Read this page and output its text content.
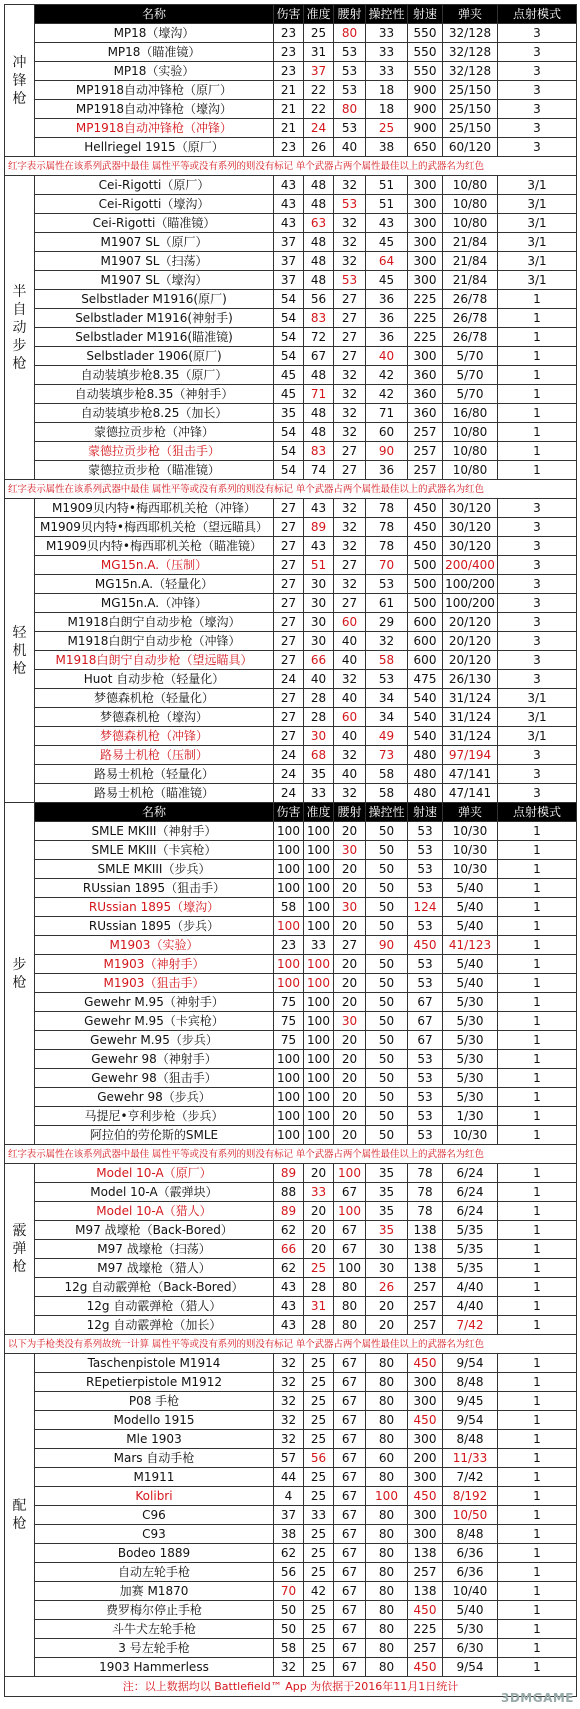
冲锋枪	名称	伤害	准度	腰射	操控性	射速	弹夹	点射模式
	MP18（壕沟）	23	25	80	33	550	32/128	3
	MP18（瞄准镜）	23	31	53	33	550	32/128	3
	MP18（实验）	23	37	53	33	550	32/128	3
	MP1918自动冲锋枪（原厂）	21	22	53	18	900	25/150	3
	MP1918自动冲锋枪（壕沟）	21	22	80	18	900	25/150	3
	MP1918自动冲锋枪（冲锋）	21	24	53	25	900	25/150	3
	Hellriegel 1915（原厂）	23	26	40	38	650	60/120	3
红字表示属性在该系列武器中最佳 属性平等或没有系列的则没有标记 单个武器占两个属性最佳以上的武器名为红色								
半自动步枪	Cei-Rigotti（原厂）	43	48	32	51	300	10/80	3/1
	Cei-Rigotti（壕沟）	43	48	53	51	300	10/80	3/1
	Cei-Rigotti（瞄准镜）	43	63	32	43	300	10/80	3/1
	M1907 SL（原厂）	37	48	32	45	300	21/84	3/1
	M1907 SL（扫荡）	37	48	32	64	300	21/84	3/1
	M1907 SL（壕沟）	37	48	53	45	300	21/84	3/1
	Selbstlader M1916(原厂)	54	56	27	36	225	26/78	1
	Selbstlader M1916(神射手)	54	83	27	36	225	26/78	1
	Selbstlader M1916(瞄准镜)	54	72	27	36	225	26/78	1
	Selbstlader 1906(原厂)	54	67	27	40	300	5/70	1
	自动装填步枪8.35（原厂）	45	48	32	42	360	5/70	1
	自动装填步枪8.35（神射手）	45	71	32	42	360	5/70	1
	自动装填步枪8.25（加长）	35	48	32	71	360	16/80	1
	蒙德拉贡步枪（冲锋）	54	48	32	60	257	10/80	1
	蒙德拉贡步枪（狙击手）	54	83	27	90	257	10/80	1
	蒙德拉贡步枪（瞄准镜）	54	74	27	36	257	10/80	1
红字表示属性在该系列武器中最佳 属性平等或没有系列的则没有标记 单个武器占两个属性最佳以上的武器名为红色								
轻机枪	M1909贝内特•梅西耶机关枪（冲锋）	27	43	32	78	450	30/120	3
	M1909贝内特•梅西耶机关枪（望远瞄具）	27	89	32	78	450	30/120	3
	M1909贝内特•梅西耶机关枪（瞄准镜）	27	43	32	78	450	30/120	3
	MG15n.A.（压制）	27	51	27	70	500	200/400	3
	MG15n.A.（轻量化）	27	30	32	53	500	100/200	3
	MG15n.A.（冲锋）	27	30	27	61	500	100/200	3
	M1918白朗宁自动步枪（壕沟）	27	30	60	29	600	20/120	3
	M1918白朗宁自动步枪（冲锋）	27	30	40	32	600	20/120	3
	M1918白朗宁自动步枪（望远瞄具）	27	66	40	58	600	20/120	3
	Huot 自动步枪（轻量化）	24	40	32	53	475	26/130	3
	梦德森机枪（轻量化）	27	28	40	34	540	31/124	3/1
	梦德森机枪（壕沟）	27	28	60	34	540	31/124	3/1
	梦德森机枪（冲锋）	27	30	40	49	540	31/124	3/1
	路易士机枪（压制）	24	68	32	73	480	97/194	3
	路易士机枪（轻量化）	24	35	40	58	480	47/141	3
	路易士机枪（瞄准镜）	24	33	32	58	480	47/141	3
步枪	名称	伤害	准度	腰射	操控性	射速	弹夹	点射模式
	SMLE MKIII（神射手）	100	100	20	50	53	10/30	1
	SMLE MKIII（卡宾枪）	100	100	30	50	53	10/30	1
	SMLE MKIII（步兵）	100	100	20	50	53	10/30	1
	RUssian 1895（狙击手）	100	100	20	50	53	5/40	1
	RUssian 1895（壕沟）	58	100	30	50	124	5/40	1
	RUssian 1895（步兵）	100	100	20	50	53	5/40	1
	M1903（实验）	23	33	27	90	450	41/123	1
	M1903（神射手）	100	100	20	50	53	5/40	1
	M1903（狙击手）	100	100	20	50	53	5/40	1
	Gewehr M.95（神射手）	75	100	20	50	67	5/30	1
	Gewehr M.95（卡宾枪）	75	100	30	50	67	5/30	1
	Gewehr M.95（步兵）	75	100	20	50	67	5/30	1
	Gewehr 98（神射手）	100	100	20	50	53	5/30	1
	Gewehr 98（狙击手）	100	100	20	50	53	5/30	1
	Gewehr 98（步兵）	100	100	20	50	53	5/30	1
	马提尼•亨利步枪（步兵）	100	100	20	50	53	1/30	1
	阿拉伯的劳伦斯的SMLE	100	100	20	50	53	10/30	1
红字表示属性在该系列武器中最佳 属性平等或没有系列的则没有标记 单个武器占两个属性最佳以上的武器名为红色								
霰弹枪	Model 10-A（原厂）	89	20	100	35	78	6/24	1
	Model 10-A（霰弹块）	88	33	67	35	78	6/24	1
	Model 10-A（猎人）	89	20	100	35	78	6/24	1
	M97 战壕枪（Back-Bored）	62	20	67	35	138	5/35	1
	M97 战壕枪（扫荡）	66	20	67	30	138	5/35	1
	M97 战壕枪（猎人）	62	25	100	30	138	5/35	1
	12g 自动霰弹枪（Back-Bored）	43	28	80	26	257	4/40	1
	12g 自动霰弹枪（猎人）	43	31	80	20	257	4/40	1
	12g 自动霰弹枪（加长）	43	28	80	20	257	7/42	1
以下为手枪类没有系列故统一计算 属性平等或没有系列的则没有标记 单个武器占两个属性最佳以上的武器名为红色								
配枪	Taschenpistole M1914	32	25	67	80	450	9/54	1
	REpetierpistole M1912	32	25	67	80	300	8/48	1
	P08 手枪	32	25	67	80	300	9/45	1
	Modello 1915	32	25	67	80	450	9/54	1
	Mle 1903	32	25	67	80	300	8/48	1
	Mars 自动手枪	57	56	67	60	200	11/33	1
	M1911	44	25	67	80	300	7/42	1
	Kolibri	4	25	67	100	450	8/192	1
	C96	37	33	67	80	300	10/50	1
	C93	38	25	67	80	300	8/48	1
	Bodeo 1889	62	25	67	80	138	6/36	1
	自动左轮手枪	56	25	67	80	257	6/36	1
	加赛 M1870	70	42	67	80	138	10/40	1
	费罗梅尔停止手枪	50	25	67	80	450	5/40	1
	斗牛犬左轮手枪	50	25	67	80	225	5/30	1
	3 号左轮手枪	58	25	67	80	257	6/30	1
	1903 Hammerless	32	25	67	80	450	9/54	1
注：以上数据均以 Battlefield™ App 为依据于2016年11月1日统计								
3DMGAME
